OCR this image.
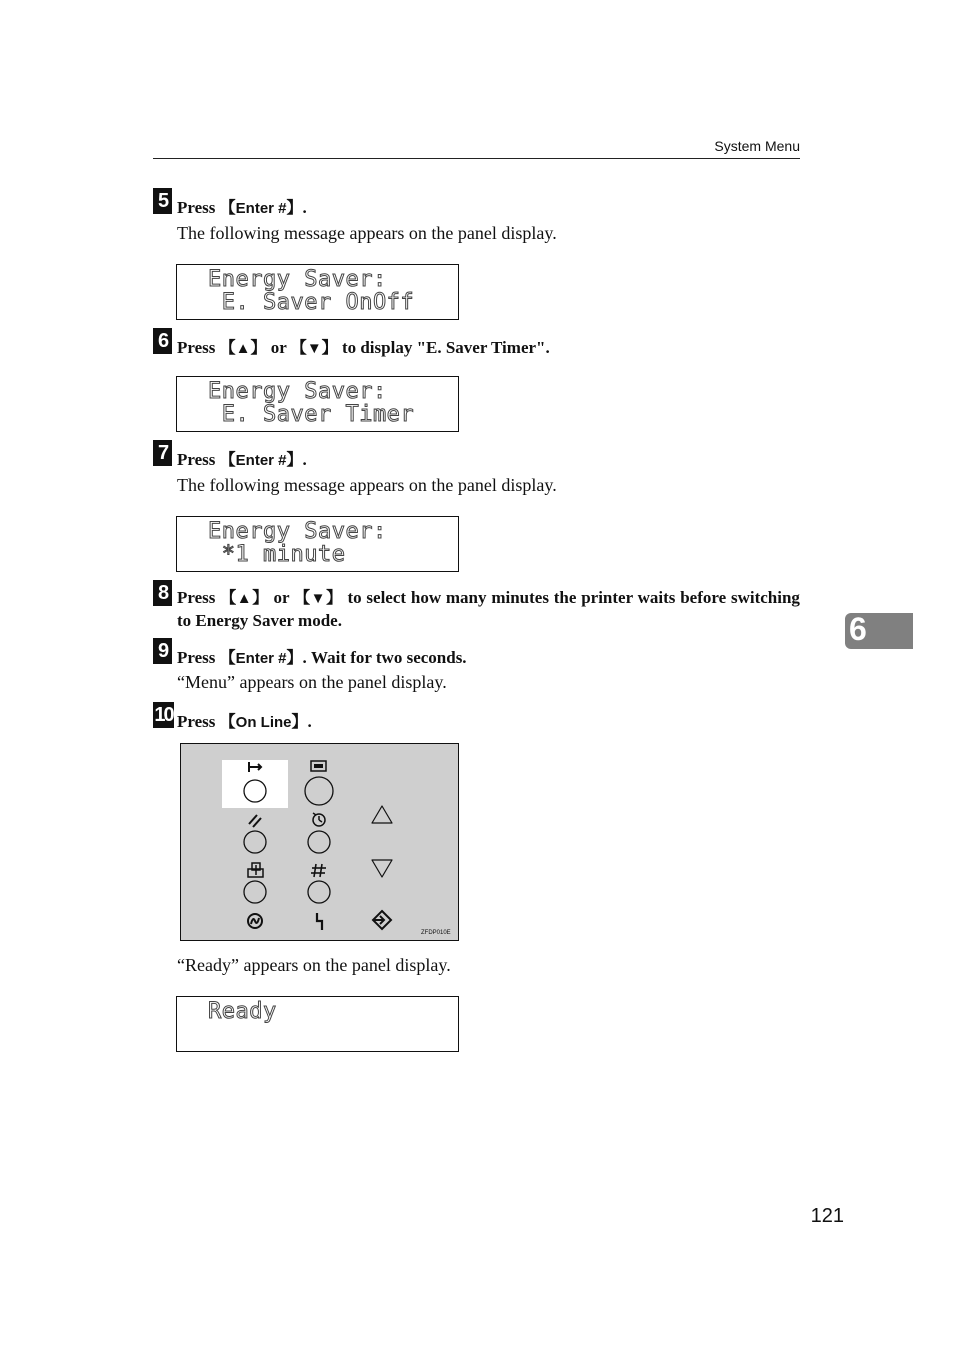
System Menu
5 Press 【Enter #】.
The following message appears on the panel display.
Energy Saver:
E. Saver OnOff
6 Press 【▲】 or 【▼】 to display "E. Saver Timer".
Energy Saver:
E. Saver Timer
7 Press 【Enter #】.
The following message appears on the panel display.
Energy Saver:
*1 minute
8 Press 【▲】 or 【▼】 to select how many minutes the printer waits before switching to Energy Saver mode.	6
9 Press 【Enter #】. Wait for two seconds.
“Menu” appears on the panel display.
10 Press 【On Line】.
ZFDP010E
“Ready” appears on the panel display.
Ready
121
